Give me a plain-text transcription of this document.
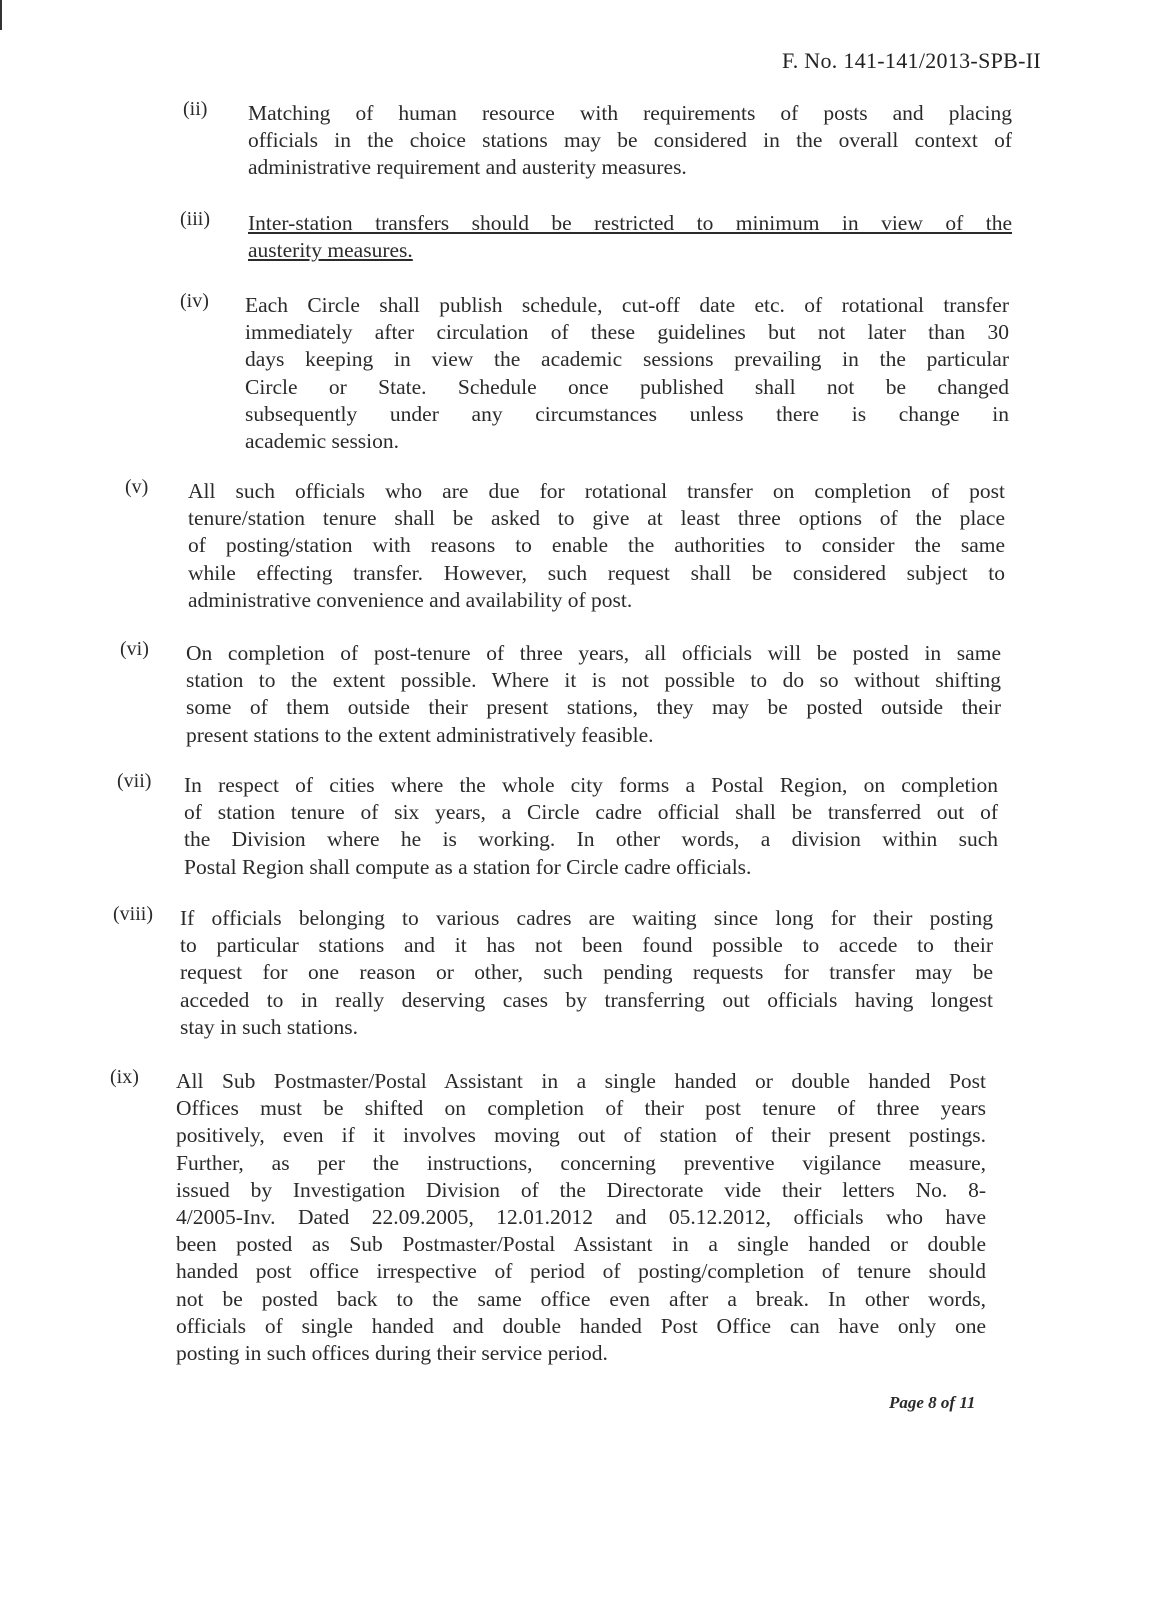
F. No. 141-141/2013-SPB-II
(ii) Matching of human resource with requirements of posts and placing
officials in the choice stations may be considered in the overall context of
administrative requirement and austerity measures.
(iii) Inter-station transfers should be restricted to minimum in view of the
austerity measures.
(iv) Each Circle shall publish schedule, cut-off date etc. of rotational transfer
immediately after circulation of these guidelines but not later than 30
days keeping in view the academic sessions prevailing in the particular
Circle or State. Schedule once published shall not be changed
subsequently under any circumstances unless there is change in
academic session.
(v) All such officials who are due for rotational transfer on completion of post
tenure/station tenure shall be asked to give at least three options of the place
of posting/station with reasons to enable the authorities to consider the same
while effecting transfer. However, such request shall be considered subject to
administrative convenience and availability of post.
(vi) On completion of post-tenure of three years, all officials will be posted in same
station to the extent possible. Where it is not possible to do so without shifting
some of them outside their present stations, they may be posted outside their
present stations to the extent administratively feasible.
(vii) In respect of cities where the whole city forms a Postal Region, on completion
of station tenure of six years, a Circle cadre official shall be transferred out of
the Division where he is working. In other words, a division within such
Postal Region shall compute as a station for Circle cadre officials.
(viii) If officials belonging to various cadres are waiting since long for their posting
to particular stations and it has not been found possible to accede to their
request for one reason or other, such pending requests for transfer may be
acceded to in really deserving cases by transferring out officials having longest
stay in such stations.
(ix) All Sub Postmaster/Postal Assistant in a single handed or double handed Post
Offices must be shifted on completion of their post tenure of three years
positively, even if it involves moving out of station of their present postings.
Further, as per the instructions, concerning preventive vigilance measure,
issued by Investigation Division of the Directorate vide their letters No. 8-
4/2005-Inv. Dated 22.09.2005, 12.01.2012 and 05.12.2012, officials who have
been posted as Sub Postmaster/Postal Assistant in a single handed or double
handed post office irrespective of period of posting/completion of tenure should
not be posted back to the same office even after a break. In other words,
officials of single handed and double handed Post Office can have only one
posting in such offices during their service period.
Page 8 of 11
